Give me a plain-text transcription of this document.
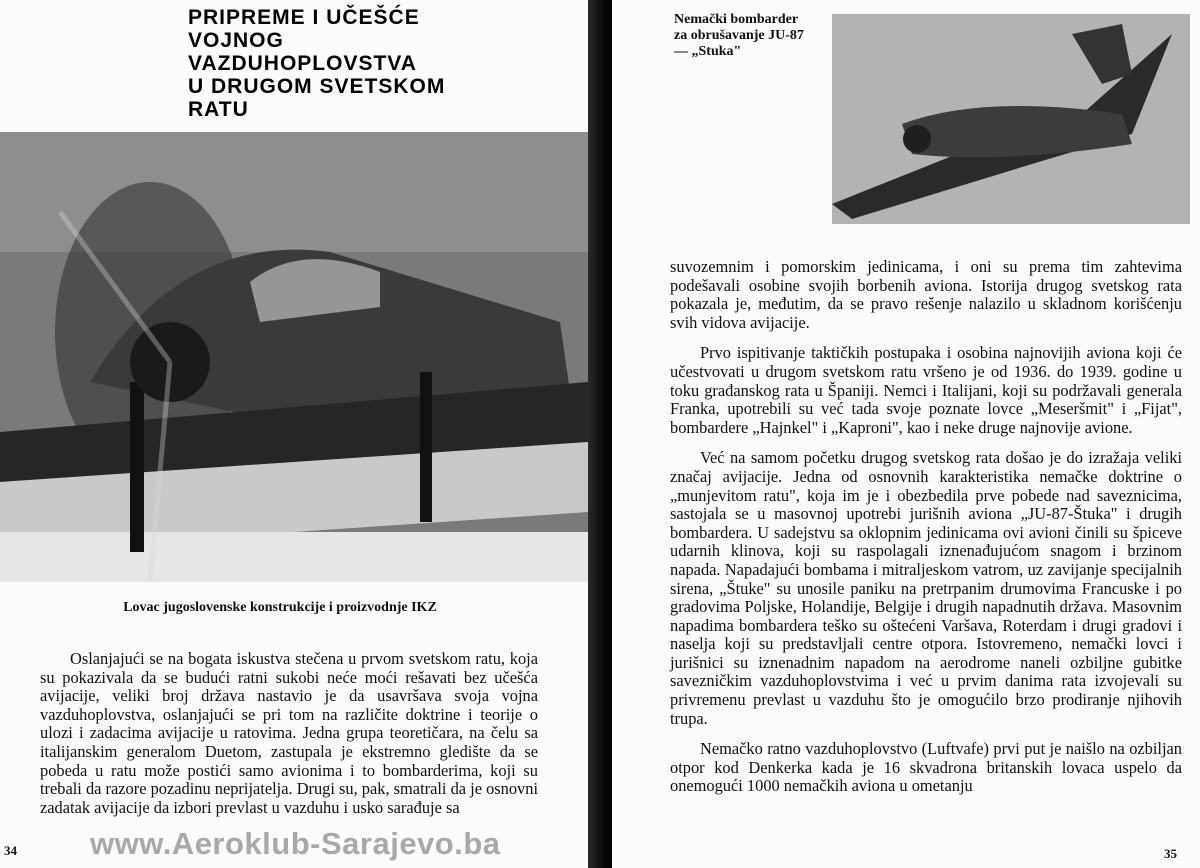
PRIPREME I UČEŠĆE
VOJNOG
VAZDUHOPLOVSTVA
U DRUGOM SVETSKOM
RATU
Lovac jugoslovenske konstrukcije i proizvodnje IKZ

Oslanjajući se na bogata iskustva stečena u prvom svetskom ratu, koja su pokazivala da se budući ratni sukobi neće moći rešavati bez učešća avijacije, veliki broj država nastavio je da usavršava svoja vojna vazduhoplovstva, oslanjajući se pri tom na različite doktrine i teorije o ulozi i zadacima avijacije u ratovima. Jedna grupa teoretičara, na čelu sa italijanskim generalom Duetom, zastupala je ekstremno gledište da se pobeda u ratu može postići samo avionima i to bombarderima, koji su trebali da razore pozadinu neprijatelja. Drugi su, pak, smatrali da je osnovni zadatak avijacije da izbori prevlast u vazduhu i usko sarađuje sa

34
Nemački bombarder
za obrušavanje JU-87
— „Stuka"

suvozemnim i pomorskim jedinicama, i oni su prema tim zahtevima podešavali osobine svojih borbenih aviona. Istorija drugog svetskog rata pokazala je, međutim, da se pravo rešenje nalazilo u skladnom korišćenju svih vidova avijacije.

Prvo ispitivanje taktičkih postupaka i osobina najnovijih aviona koji će učestvovati u drugom svetskom ratu vršeno je od 1936. do 1939. godine u toku građanskog rata u Španiji. Nemci i Italijani, koji su podržavali generala Franka, upotrebili su već tada svoje poznate lovce „Meseršmit" i „Fijat", bombardere „Hajnkel" i „Kaproni", kao i neke druge najnovije avione.

Već na samom početku drugog svetskog rata došao je do izražaja veliki značaj avijacije. Jedna od osnovnih karakteristika nemačke doktrine o „munjevitom ratu", koja im je i obezbedila prve pobede nad saveznicima, sastojala se u masovnoj upotrebi jurišnih aviona „JU-87-Štuka" i drugih bombardera. U sadejstvu sa oklopnim jedinicama ovi avioni činili su špiceve udarnih klinova, koji su raspolagali iznenađujućom snagom i brzinom napada. Napadajući bombama i mitraljeskom vatrom, uz zavijanje specijalnih sirena, „Štuke" su unosile paniku na pretrpanim drumovima Francuske i po gradovima Poljske, Holandije, Belgije i drugih napadnutih država. Masovnim napadima bombardera teško su oštećeni Varšava, Roterdam i drugi gradovi i naselja koji su predstavljali centre otpora. Istovremeno, nemački lovci i jurišnici su iznenadnim napadom na aerodrome naneli ozbiljne gubitke savezničkim vazduhoplovstvima i već u prvim danima rata izvojevali su privremenu prevlast u vazduhu što je omogućilo brzo prodiranje njihovih trupa.

Nemačko ratno vazduhoplovstvo (Luftvafe) prvi put je naišlo na ozbiljan otpor kod Denkerka kada je 16 skvadrona britanskih lovaca uspelo da onemogući 1000 nemačkih aviona u ometanju

35
www.Aeroklub-Sarajevo.ba
